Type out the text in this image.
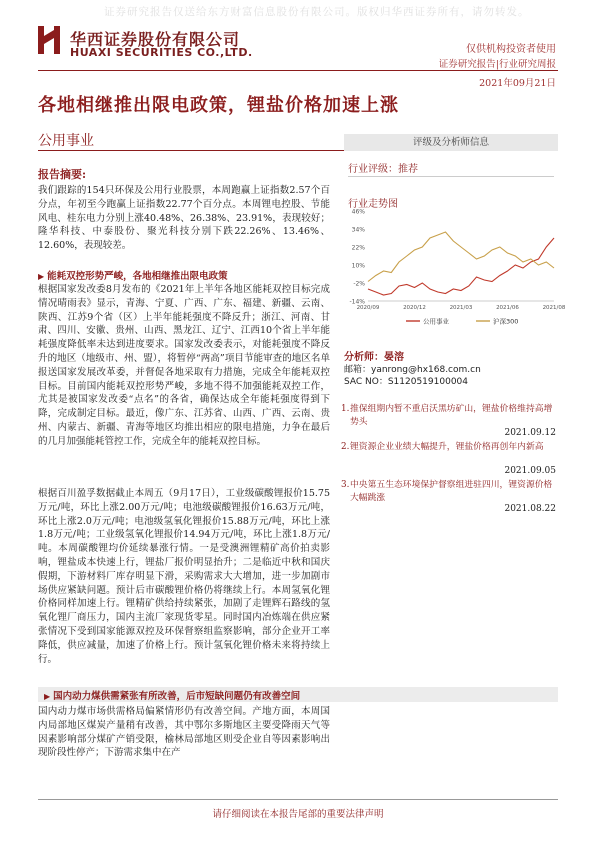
证券研究报告仅送给东方财富信息股份有限公司。版权归华西证券所有，请勿转发。
华西证券股份有限公司
HUAXI SECURITIES CO.,LTD.	仅供机构投资者使用
证券研究报告|行业研究周报
2021年09月21日
各地相继推出限电政策，锂盐价格加速上涨
公用事业
报告摘要:
我们跟踪的154只环保及公用行业股票，本周跑赢上证指数2.57个百分点，年初至今跑赢上证指数22.77个百分点。本周锂电控股、节能风电、桂东电力分别上涨40.48%、26.38%、23.91%，表现较好；隆华科技、中泰股份、聚光科技分别下跌22.26%、13.46%、12.60%，表现较差。
▶ 能耗双控形势严峻，各地相继推出限电政策
根据国家发改委8月发布的《2021年上半年各地区能耗双控目标完成情况晴雨表》显示，青海、宁夏、广西、广东、福建、新疆、云南、陕西、江苏9个省（区）上半年能耗强度不降反升；浙江、河南、甘肃、四川、安徽、贵州、山西、黑龙江、辽宁、江西10个省上半年能耗强度降低率未达到进度要求。国家发改委表示，对能耗强度不降反升的地区（地级市、州、盟），将暂停“两高”项目节能审查的地区名单报送国家发展改革委，并督促各地采取有力措施，完成全年能耗双控目标。目前国内能耗双控形势严峻，多地不得不加强能耗双控工作，尤其是被国家发改委“点名”的各省，确保达成全年能耗强度得到下降，完成制定目标。最近，像广东、江苏省、山西、广西、云南、贵州、内蒙古、新疆、青海等地区均推出相应的限电措施，力争在最后的几月加强能耗管控工作，完成全年的能耗双控目标。
根据百川盈孚数据截止本周五（9月17日），工业级碳酸锂报价15.75万元/吨，环比上涨2.00万元/吨；电池级碳酸锂报价16.63万元/吨，环比上涨2.0万元/吨；电池级氢氧化锂报价15.88万元/吨，环比上涨1.8万元/吨；工业级氢氧化锂报价14.94万元/吨，环比上涨1.8万元/吨。本周碳酸锂均价延续暴涨行情。一是受澳洲锂精矿高价拍卖影响，锂盐成本快速上行，锂盐厂报价明显抬升；二是临近中秋和国庆假期，下游材料厂库存明显下滑，采购需求大大增加，进一步加剧市场供应紧缺问题。预计后市碳酸锂价格仍将继续上行。本周氢氧化锂价格同样加速上行。锂精矿供给持续紧张，加剧了走锂辉石路线的氢氧化锂厂商压力，国内主流厂家现货零星。同时国内冶炼端在供应紧张情况下受到国家能源双控及环保督察组监察影响，部分企业开工率降低，供应减量，加速了价格上行。预计氢氧化锂价格未来将持续上行。
▶ 国内动力煤供需紧张有所改善，后市短缺问题仍有改善空间
国内动力煤市场供需格局偏紧情形仍有改善空间。产地方面，本周国内局部地区煤炭产量稍有改善，其中鄂尔多斯地区主要受降雨天气等因素影响部分煤矿产销受限，榆林局部地区则受企业自等因素影响出现阶段性停产；下游需求集中在产
评级及分析师信息
行业评级：推荐
行业走势图
46%
34%
22%
10%
-2%
-14%
2020/09	2020/12	2021/03	2021/06	2021/08
公用事业	沪深300
分析师：晏溶
邮箱：yanrong@hx168.com.cn
SAC NO：S1120519100004
1. 推保组期内暂不重启沃黑坊矿山，锂盐价格维持高增势头
2021.09.12
2. 锂资源企业业绩大幅提升，锂盐价格再创年内新高
2021.09.05
3. 中央第五生态环境保护督察组进驻四川，锂资源价格大幅跳涨
2021.08.22
请仔细阅读在本报告尾部的重要法律声明
